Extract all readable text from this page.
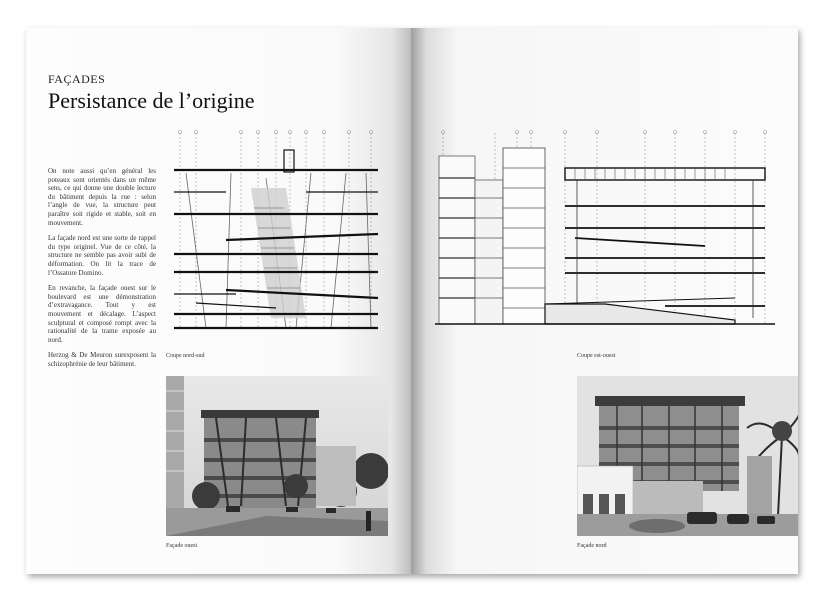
FAÇADES
Persistance de l’origine

On note aussi qu’en général les poteaux sont orientés dans un même sens, ce qui donne une double lecture du bâtiment depuis la rue : selon l’angle de vue, la structure peut paraître soit rigide et stable, soit en mouvement.

La façade nord est une sorte de rappel du type originel. Vue de ce côté, la structure ne semble pas avoir subi de déformation. On lit la trace de l’Ossature Domino.

En revanche, la façade ouest sur le boulevard est une démonstration d’extravagance. Tout y est mouvement et décalage. L’aspect sculptural et composé rompt avec la rationalité de la trame exposée au nord.

Herzog & De Meuron surexposent la schizophrénie de leur bâtiment.

Coupe nord-sud
Façade ouest
Coupe est-ouest
Façade nord
